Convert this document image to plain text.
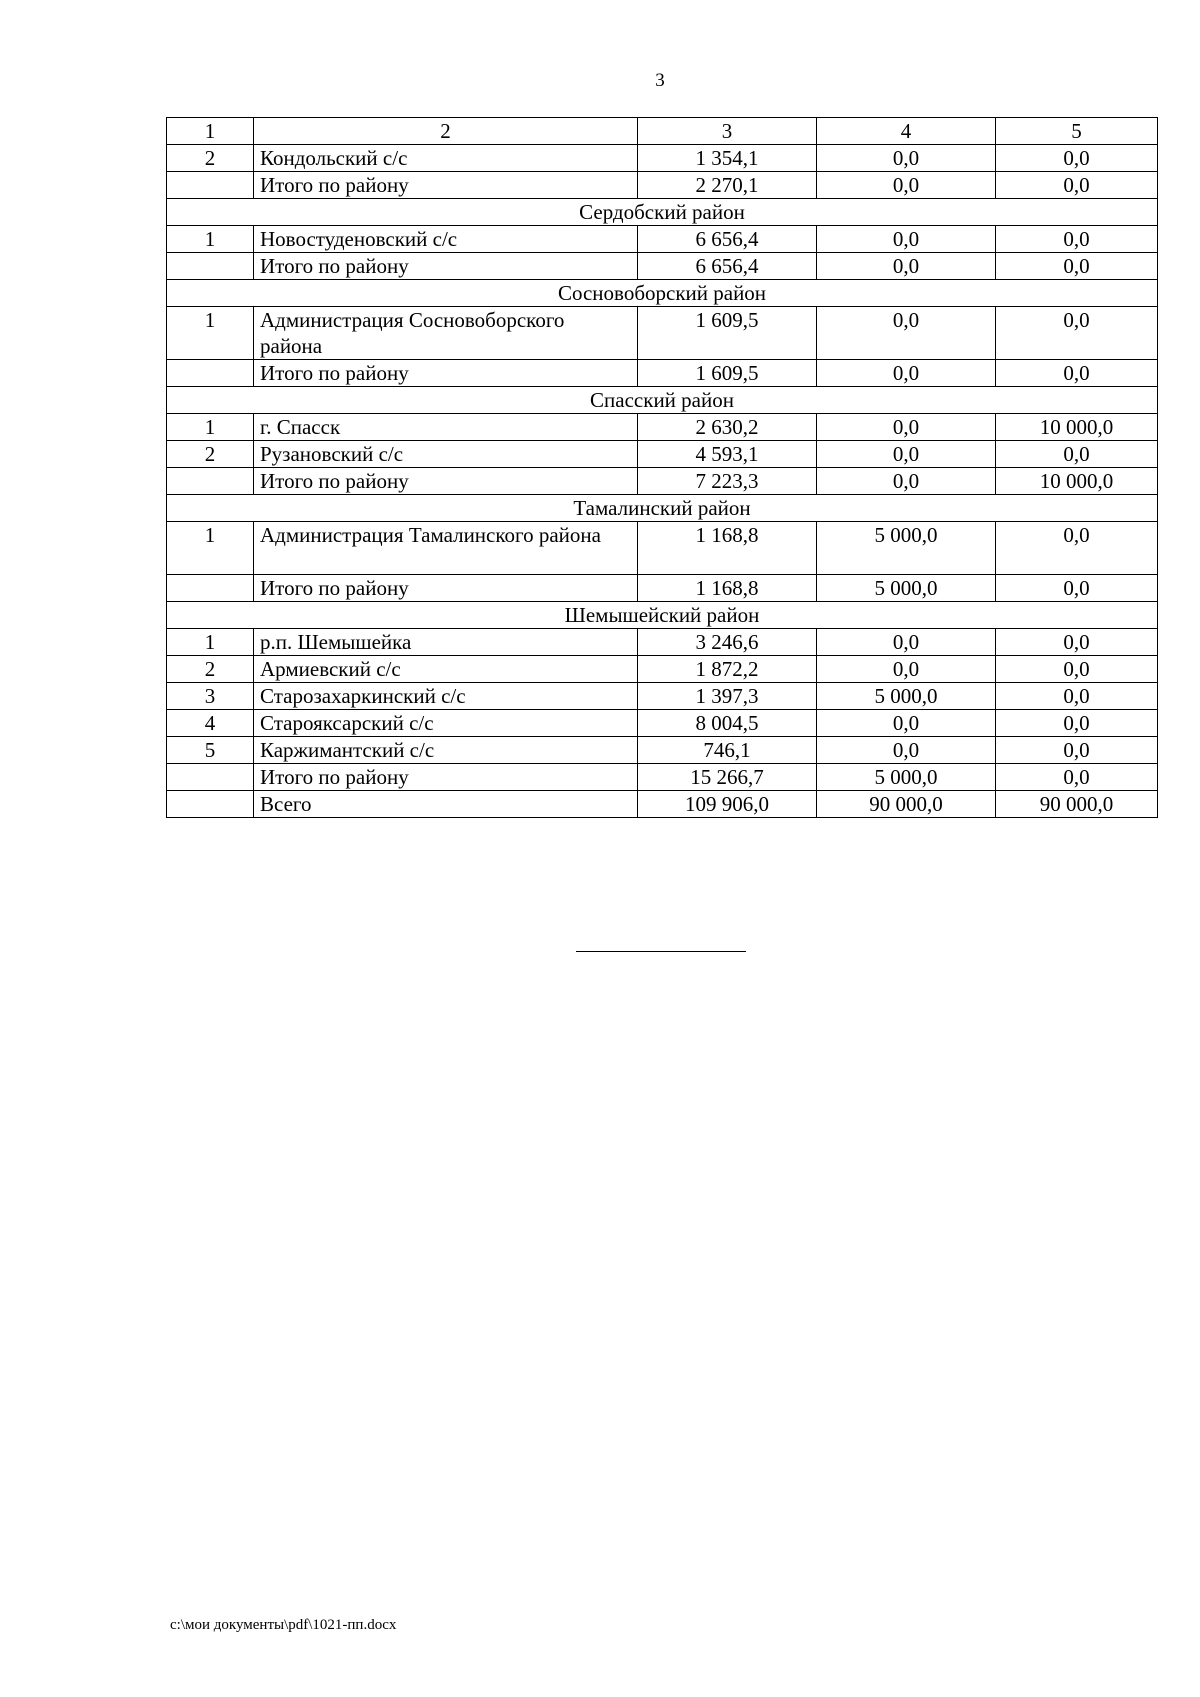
3
1	2	3	4	5
2	Кондольский с/с	1 354,1	0,0	0,0
	Итого по району	2 270,1	0,0	0,0
Сердобский район				
1	Новостуденовский с/с	6 656,4	0,0	0,0
	Итого по району	6 656,4	0,0	0,0
Сосновоборский район				
1	Администрация Сосновоборского района	1 609,5	0,0	0,0
	Итого по району	1 609,5	0,0	0,0
Спасский район				
1	г. Спасск	2 630,2	0,0	10 000,0
2	Рузановский с/с	4 593,1	0,0	0,0
	Итого по району	7 223,3	0,0	10 000,0
Тамалинский район				
1	Администрация Тамалинского района	1 168,8	5 000,0	0,0
	Итого по району	1 168,8	5 000,0	0,0
Шемышейский район				
1	р.п. Шемышейка	3 246,6	0,0	0,0
2	Армиевский с/с	1 872,2	0,0	0,0
3	Старозахаркинский с/с	1 397,3	5 000,0	0,0
4	Старояксарский с/с	8 004,5	0,0	0,0
5	Каржимантский с/с	746,1	0,0	0,0
	Итого по району	15 266,7	5 000,0	0,0
	Всего	109 906,0	90 000,0	90 000,0
c:\мои документы\pdf\1021-пп.docx
